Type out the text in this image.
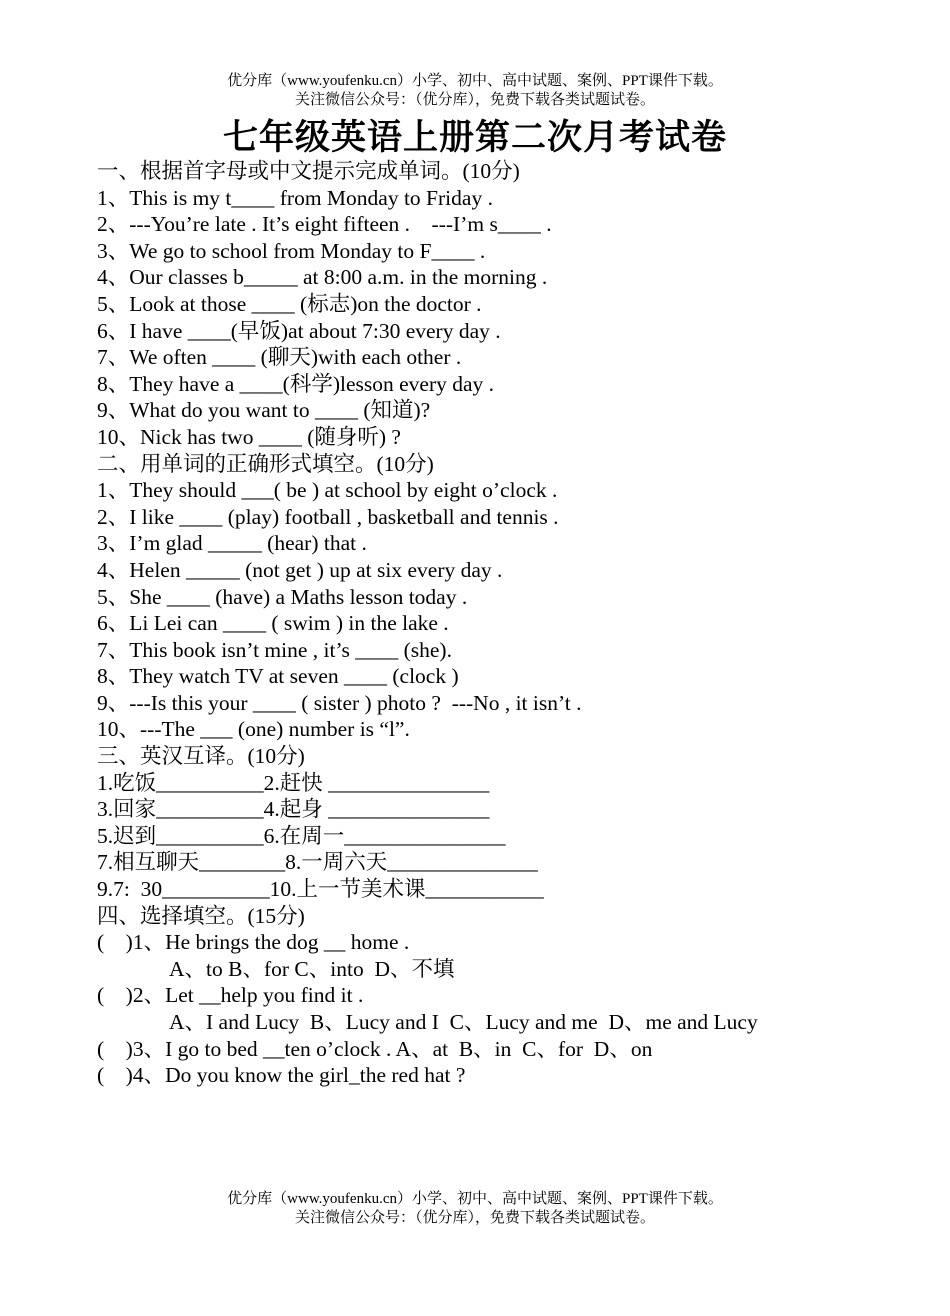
优分库（www.youfenku.cn）小学、初中、高中试题、案例、PPT课件下载。
关注微信公众号：（优分库），免费下载各类试题试卷。
七年级英语上册第二次月考试卷
一、根据首字母或中文提示完成单词。(10分)
1、This is my t____ from Monday to Friday .
2、---You’re late . It’s eight fifteen .    ---I’m s____ .
3、We go to school from Monday to F____ .
4、Our classes b_____ at 8:00 a.m. in the morning .
5、Look at those ____ (标志)on the doctor .
6、I have ____(早饭)at about 7:30 every day .
7、We often ____ (聊天)with each other .
8、They have a ____(科学)lesson every day .
9、What do you want to ____ (知道)?
10、Nick has two ____ (随身听) ?
二、用单词的正确形式填空。(10分)
1、They should ___( be ) at school by eight o’clock .
2、I like ____ (play) football , basketball and tennis .
3、I’m glad _____ (hear) that .
4、Helen _____ (not get ) up at six every day .
5、She ____ (have) a Maths lesson today .
6、Li Lei can ____ ( swim ) in the lake .
7、This book isn’t mine , it’s ____ (she).
8、They watch TV at seven ____ (clock )
9、---Is this your ____ ( sister ) photo ?  ---No , it isn’t .
10、---The ___ (one) number is “l”.
三、英汉互译。(10分)
1.吃饭__________2.赶快 _______________
3.回家__________4.起身 _______________
5.迟到__________6.在周一_______________
7.相互聊天________8.一周六天______________
9.7:  30__________10.上一节美术课___________
四、选择填空。(15分)
(    )1、He brings the dog __ home .
A、to B、for C、into  D、不填
(    )2、Let __help you find it .
A、I and Lucy  B、Lucy and I  C、Lucy and me  D、me and Lucy
(    )3、I go to bed __ten o’clock . A、at  B、in  C、for  D、on
(    )4、Do you know the girl_the red hat ?
优分库（www.youfenku.cn）小学、初中、高中试题、案例、PPT课件下载。
关注微信公众号：（优分库），免费下载各类试题试卷。
